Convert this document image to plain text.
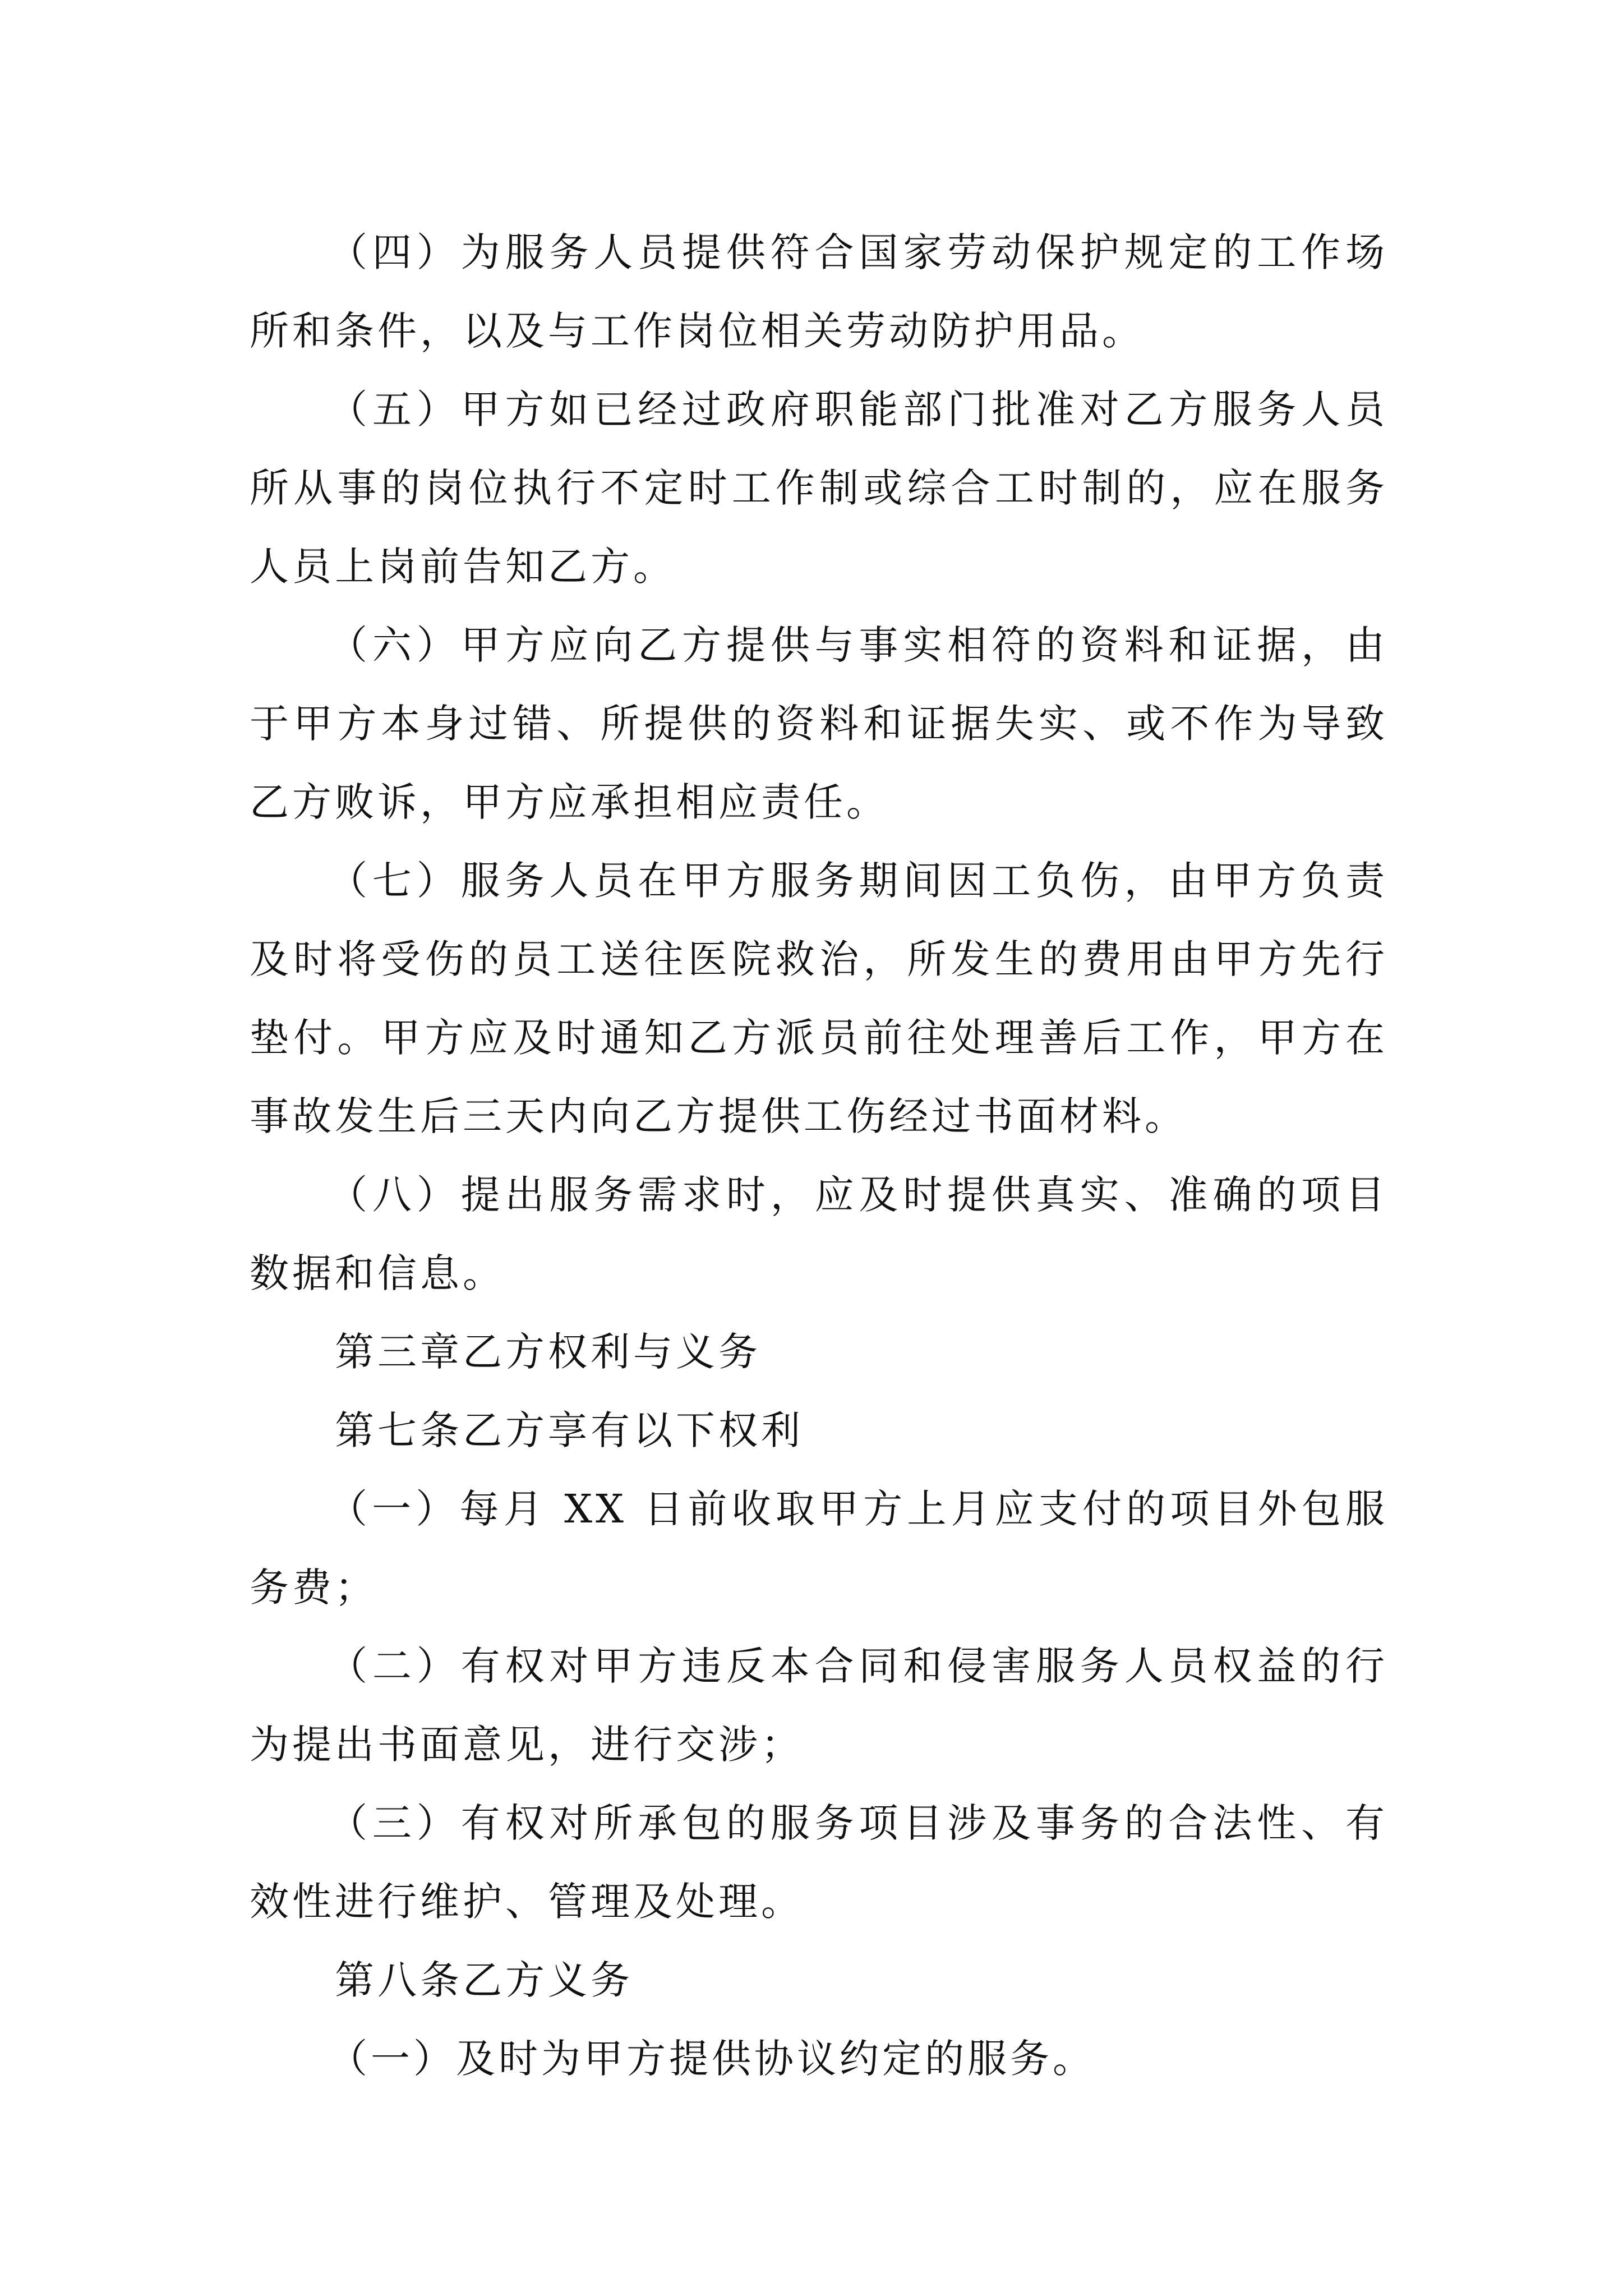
（四）为服务人员提供符合国家劳动保护规定的工作场所和条件，以及与工作岗位相关劳动防护用品。

（五）甲方如已经过政府职能部门批准对乙方服务人员所从事的岗位执行不定时工作制或综合工时制的，应在服务人员上岗前告知乙方。

（六）甲方应向乙方提供与事实相符的资料和证据，由于甲方本身过错、所提供的资料和证据失实、或不作为导致乙方败诉，甲方应承担相应责任。

（七）服务人员在甲方服务期间因工负伤，由甲方负责及时将受伤的员工送往医院救治，所发生的费用由甲方先行垫付。甲方应及时通知乙方派员前往处理善后工作，甲方在事故发生后三天内向乙方提供工伤经过书面材料。

（八）提出服务需求时，应及时提供真实、准确的项目数据和信息。

第三章乙方权利与义务

第七条乙方享有以下权利

（一）每月 XX 日前收取甲方上月应支付的项目外包服务费；

（二）有权对甲方违反本合同和侵害服务人员权益的行为提出书面意见，进行交涉；

（三）有权对所承包的服务项目涉及事务的合法性、有效性进行维护、管理及处理。

第八条乙方义务

（一）及时为甲方提供协议约定的服务。
